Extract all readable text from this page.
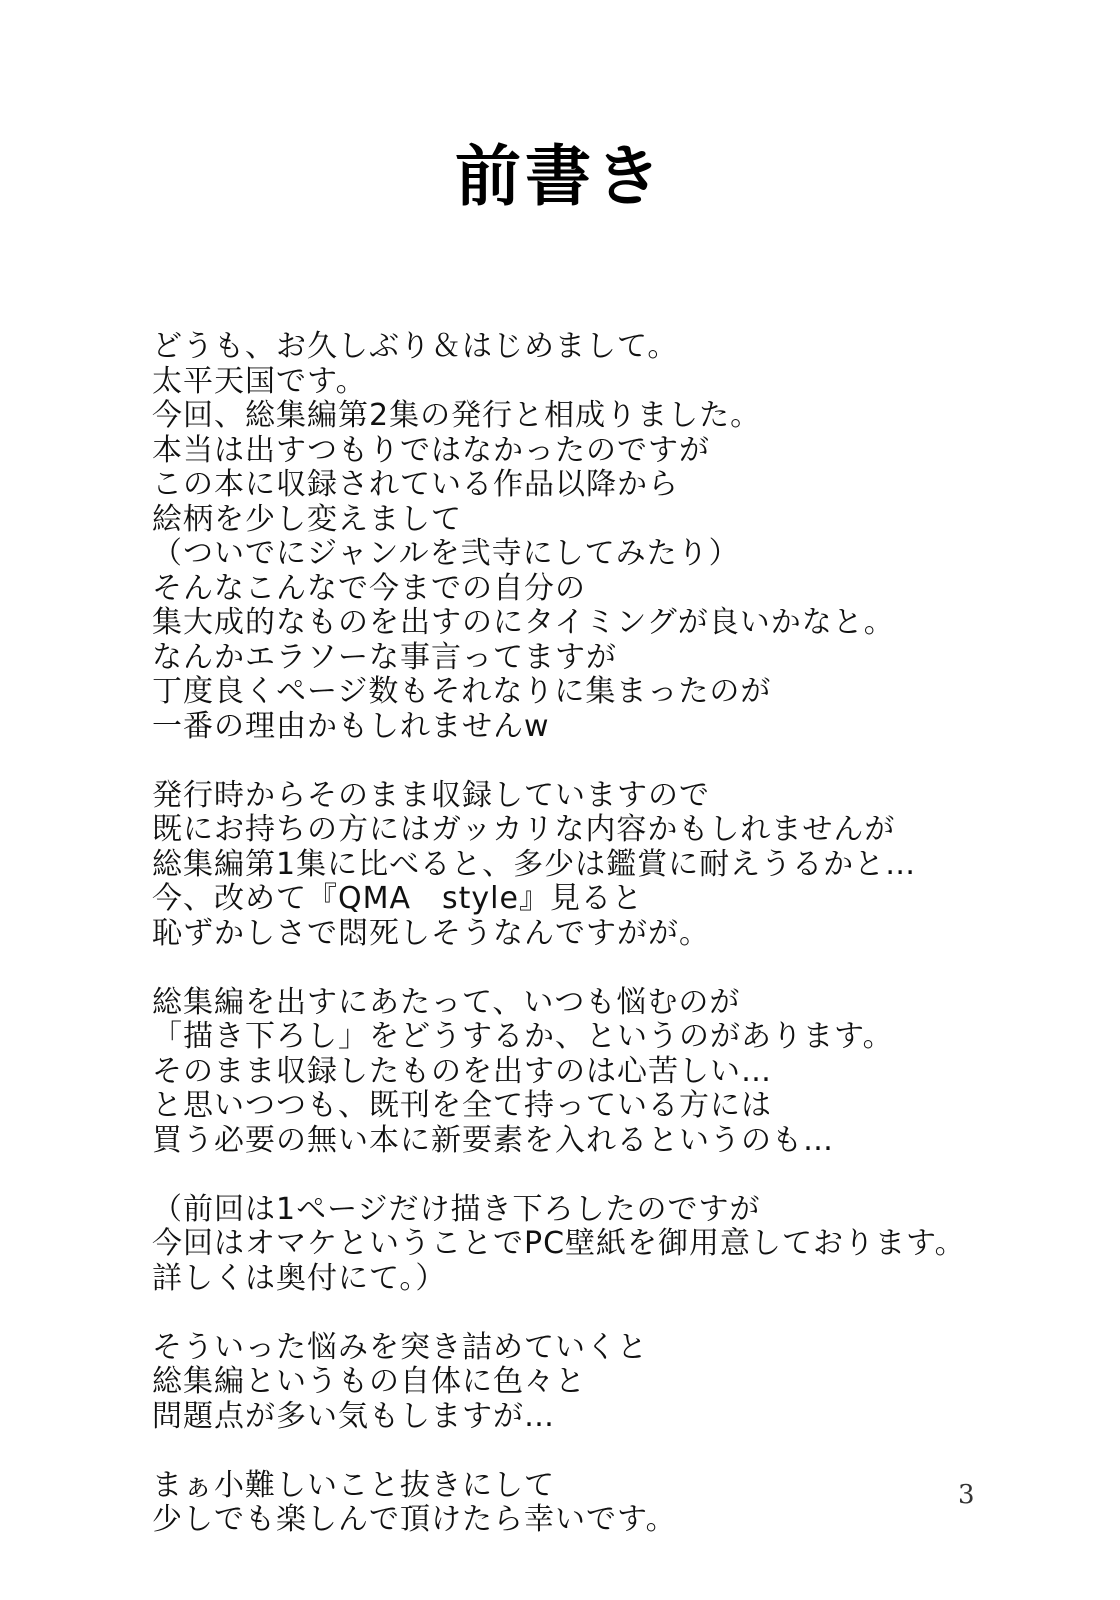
前書き
どうも、お久しぶり＆はじめまして。
太平天国です。
今回、総集編第2集の発行と相成りました。
本当は出すつもりではなかったのですが
この本に収録されている作品以降から
絵柄を少し変えまして
（ついでにジャンルを弐寺にしてみたり）
そんなこんなで今までの自分の
集大成的なものを出すのにタイミングが良いかなと。
なんかエラソーな事言ってますが
丁度良くページ数もそれなりに集まったのが
一番の理由かもしれませんw
発行時からそのまま収録していますので
既にお持ちの方にはガッカリな内容かもしれませんが
総集編第1集に比べると、多少は鑑賞に耐えうるかと…
今、改めて『QMA　style』見ると
恥ずかしさで悶死しそうなんですがが。
総集編を出すにあたって、いつも悩むのが
「描き下ろし」をどうするか、というのがあります。
そのまま収録したものを出すのは心苦しい…
と思いつつも、既刊を全て持っている方には
買う必要の無い本に新要素を入れるというのも…
（前回は1ページだけ描き下ろしたのですが
今回はオマケということでPC壁紙を御用意しております。
詳しくは奥付にて。）
そういった悩みを突き詰めていくと
総集編というもの自体に色々と
問題点が多い気もしますが…
まぁ小難しいこと抜きにして
少しでも楽しんで頂けたら幸いです。
3
